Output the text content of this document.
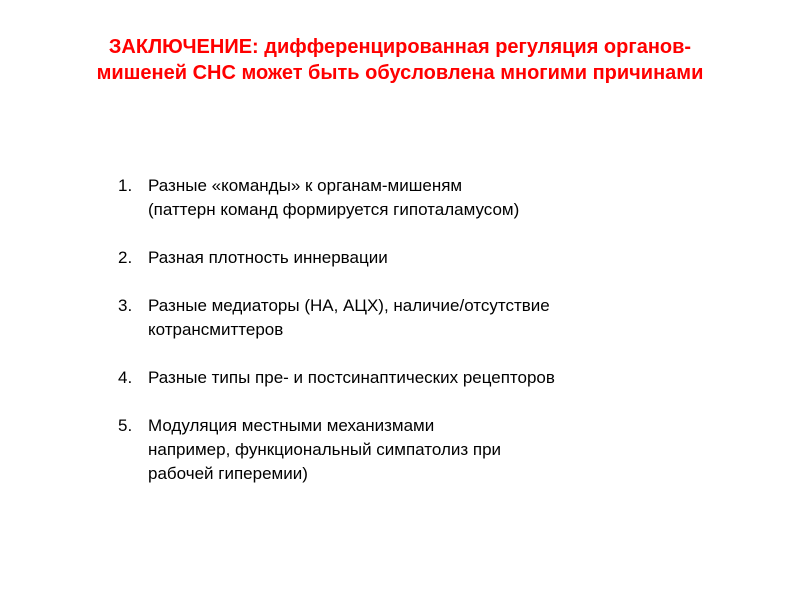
ЗАКЛЮЧЕНИЕ: дифференцированная регуляция органов-
мишеней СНС может быть обусловлена многими причинами
1. Разные «команды» к органам-мишеням
(паттерн команд формируется гипоталамусом)
2. Разная плотность иннервации
3. Разные медиаторы (НА, АЦХ), наличие/отсутствие
котрансмиттеров
4. Разные типы пре- и постсинаптических рецепторов
5. Модуляция местными механизмами
например, функциональный симпатолиз при
рабочей гиперемии)
